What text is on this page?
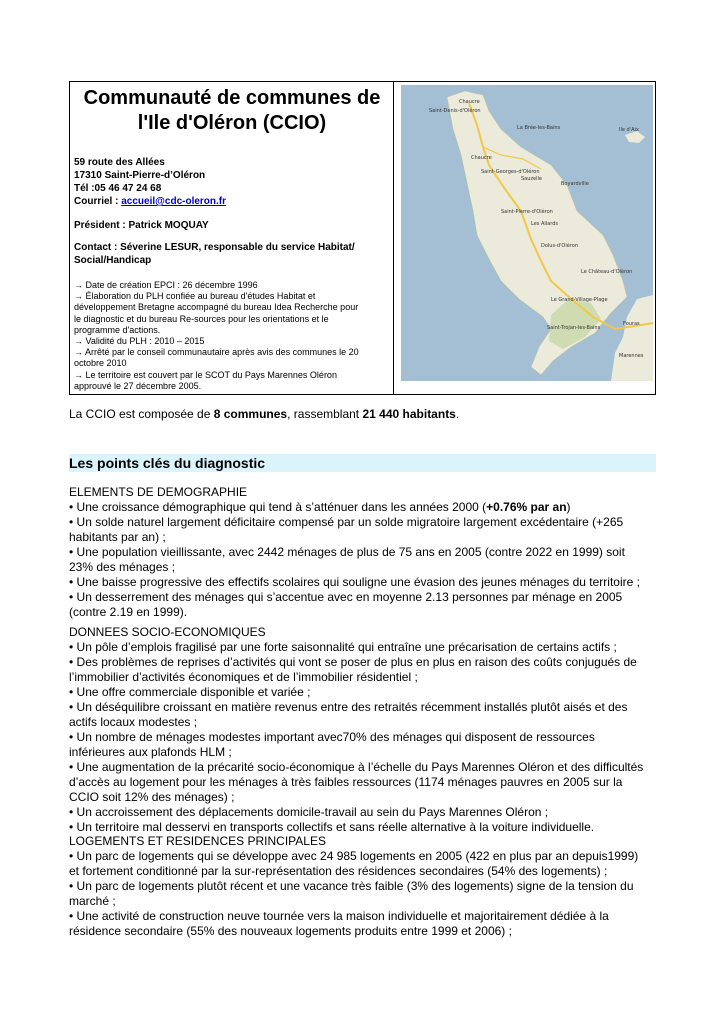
Communauté de communes de
l'Ile d'Oléron (CCIO)
59 route des Allées
17310 Saint-Pierre-d’Oléron
Tél :05 46 47 24 68
Courriel : accueil@cdc-oleron.fr
Président : Patrick MOQUAY
Contact : Séverine LESUR, responsable du service Habitat/
Social/Handicap
→ Date de création EPCI : 26 décembre 1996
→ Élaboration du PLH confiée au bureau d'études Habitat et
développement Bretagne accompagné du bureau Idea Recherche pour
le diagnostic et du bureau Re-sources pour les orientations et le
programme d'actions.
→ Validité du PLH : 2010 – 2015
→ Arrêté par le conseil communautaire après avis des communes le 20
octobre 2010
→ Le territoire est couvert par le SCOT du Pays Marennes Oléron
approuvé le 27 décembre 2005.
Chaucre
Saint-Denis-d'Oléron
La Brée-les-Bains	Ile d'Aix
Chaucre
Saint-Georges-d'Oléron
Sauzelle
Boyardville
Saint-Pierre-d'Oléron
Les Allards
Dolus-d'Oléron
Le Château-d'Oléron
Le Grand-Village-Plage
Saint-Trojan-les-Bains
Marennes
Fouras
La CCIO est composée de 8 communes, rassemblant 21 440 habitants.
Les points clés du diagnostic

ELEMENTS DE DEMOGRAPHIE

• Une croissance démographique qui tend à s’atténuer dans les années 2000 (+0.76% par an)

• Un solde naturel largement déficitaire compensé par un solde migratoire largement excédentaire (+265

habitants par an) ;

• Une population vieillissante, avec 2442 ménages de plus de 75 ans en 2005 (contre 2022 en 1999) soit

23% des ménages ;

• Une baisse progressive des effectifs scolaires qui souligne une évasion des jeunes ménages du territoire ;

• Un desserrement des ménages qui s’accentue avec en moyenne 2.13 personnes par ménage en 2005

(contre 2.19 en 1999).

DONNEES SOCIO-ECONOMIQUES

• Un pôle d’emplois fragilisé par une forte saisonnalité qui entraîne une précarisation de certains actifs ;

• Des problèmes de reprises d’activités qui vont se poser de plus en plus en raison des coûts conjugués de

l’immobilier d’activités économiques et de l’immobilier résidentiel ;

• Une offre commerciale disponible et variée ;

• Un déséquilibre croissant en matière revenus entre des retraités récemment installés plutôt aisés et des

actifs locaux modestes ;

• Un nombre de ménages modestes important avec70% des ménages qui disposent de ressources

inférieures aux plafonds HLM ;

• Une augmentation de la précarité socio-économique à l’échelle du Pays Marennes Oléron et des difficultés

d’accès au logement pour les ménages à très faibles ressources (1174 ménages pauvres en 2005 sur la

CCIO soit 12% des ménages) ;

• Un accroissement des déplacements domicile-travail au sein du Pays Marennes Oléron ;

• Un territoire mal desservi en transports collectifs et sans réelle alternative à la voiture individuelle.

LOGEMENTS ET RESIDENCES PRINCIPALES

• Un parc de logements qui se développe avec 24 985 logements en 2005 (422 en plus par an depuis1999)

et fortement conditionné par la sur-représentation des résidences secondaires (54% des logements) ;

• Un parc de logements plutôt récent et une vacance très faible (3% des logements) signe de la tension du

marché ;

• Une activité de construction neuve tournée vers la maison individuelle et majoritairement dédiée à la

résidence secondaire (55% des nouveaux logements produits entre 1999 et 2006) ;
